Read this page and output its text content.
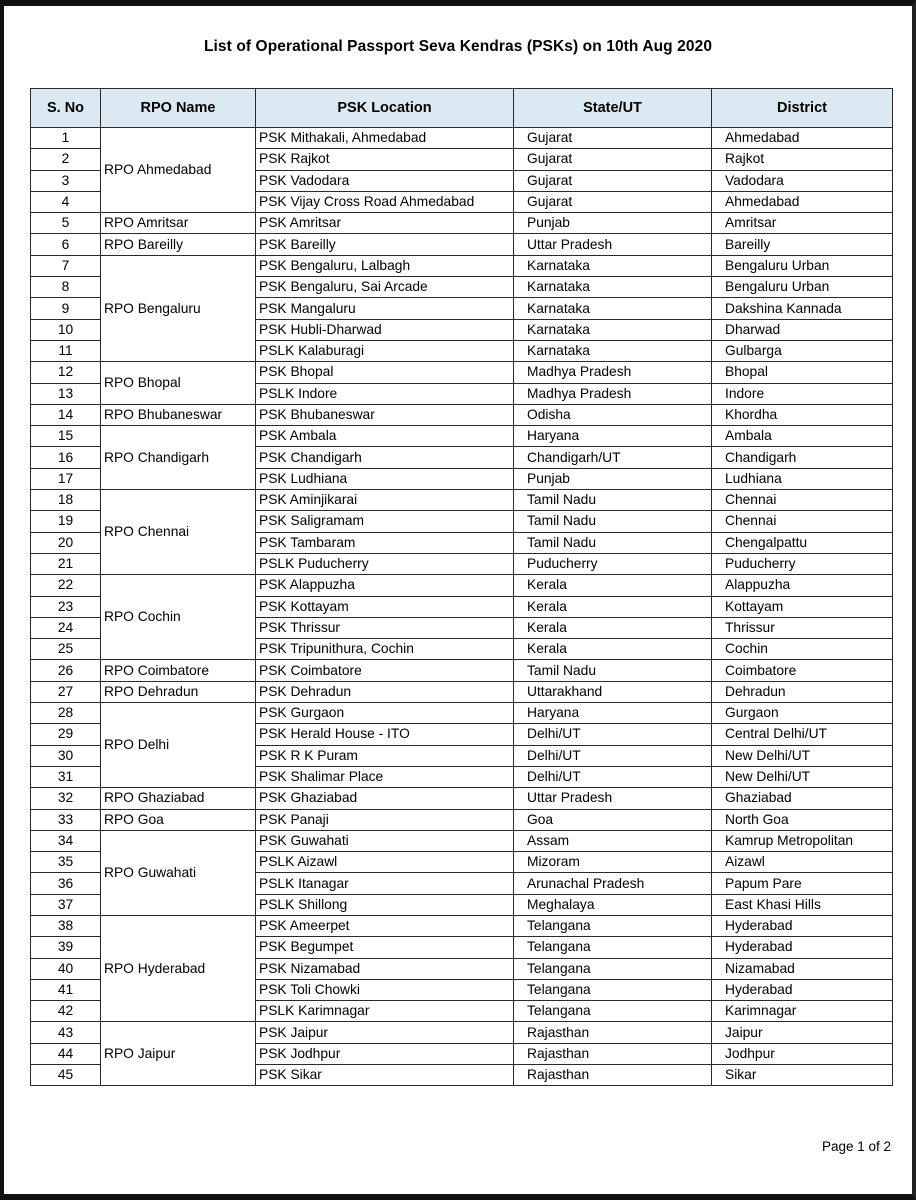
List of Operational Passport Seva Kendras (PSKs) on 10th Aug 2020
S. No	RPO Name	PSK Location	State/UT	District
1	RPO Ahmedabad	PSK Mithakali, Ahmedabad	Gujarat	Ahmedabad
2		PSK Rajkot	Gujarat	Rajkot
3		PSK Vadodara	Gujarat	Vadodara
4		PSK Vijay Cross Road Ahmedabad	Gujarat	Ahmedabad
5	RPO Amritsar	PSK Amritsar	Punjab	Amritsar
6	RPO Bareilly	PSK Bareilly	Uttar Pradesh	Bareilly
7	RPO Bengaluru	PSK Bengaluru, Lalbagh	Karnataka	Bengaluru Urban
8		PSK Bengaluru, Sai Arcade	Karnataka	Bengaluru Urban
9		PSK Mangaluru	Karnataka	Dakshina Kannada
10		PSK Hubli-Dharwad	Karnataka	Dharwad
11		PSLK Kalaburagi	Karnataka	Gulbarga
12	RPO Bhopal	PSK Bhopal	Madhya Pradesh	Bhopal
13		PSLK Indore	Madhya Pradesh	Indore
14	RPO Bhubaneswar	PSK Bhubaneswar	Odisha	Khordha
15	RPO Chandigarh	PSK Ambala	Haryana	Ambala
16		PSK Chandigarh	Chandigarh/UT	Chandigarh
17		PSK Ludhiana	Punjab	Ludhiana
18	RPO Chennai	PSK Aminjikarai	Tamil Nadu	Chennai
19		PSK Saligramam	Tamil Nadu	Chennai
20		PSK Tambaram	Tamil Nadu	Chengalpattu
21		PSLK Puducherry	Puducherry	Puducherry
22	RPO Cochin	PSK Alappuzha	Kerala	Alappuzha
23		PSK Kottayam	Kerala	Kottayam
24		PSK Thrissur	Kerala	Thrissur
25		PSK Tripunithura, Cochin	Kerala	Cochin
26	RPO Coimbatore	PSK Coimbatore	Tamil Nadu	Coimbatore
27	RPO Dehradun	PSK Dehradun	Uttarakhand	Dehradun
28	RPO Delhi	PSK Gurgaon	Haryana	Gurgaon
29		PSK Herald House - ITO	Delhi/UT	Central Delhi/UT
30		PSK R K Puram	Delhi/UT	New Delhi/UT
31		PSK Shalimar Place	Delhi/UT	New Delhi/UT
32	RPO Ghaziabad	PSK Ghaziabad	Uttar Pradesh	Ghaziabad
33	RPO Goa	PSK Panaji	Goa	North Goa
34	RPO Guwahati	PSK Guwahati	Assam	Kamrup Metropolitan
35		PSLK Aizawl	Mizoram	Aizawl
36		PSLK Itanagar	Arunachal Pradesh	Papum Pare
37		PSLK Shillong	Meghalaya	East Khasi Hills
38	RPO Hyderabad	PSK Ameerpet	Telangana	Hyderabad
39		PSK Begumpet	Telangana	Hyderabad
40		PSK Nizamabad	Telangana	Nizamabad
41		PSK Toli Chowki	Telangana	Hyderabad
42		PSLK Karimnagar	Telangana	Karimnagar
43	RPO Jaipur	PSK Jaipur	Rajasthan	Jaipur
44		PSK Jodhpur	Rajasthan	Jodhpur
45		PSK Sikar	Rajasthan	Sikar
Page 1 of 2
